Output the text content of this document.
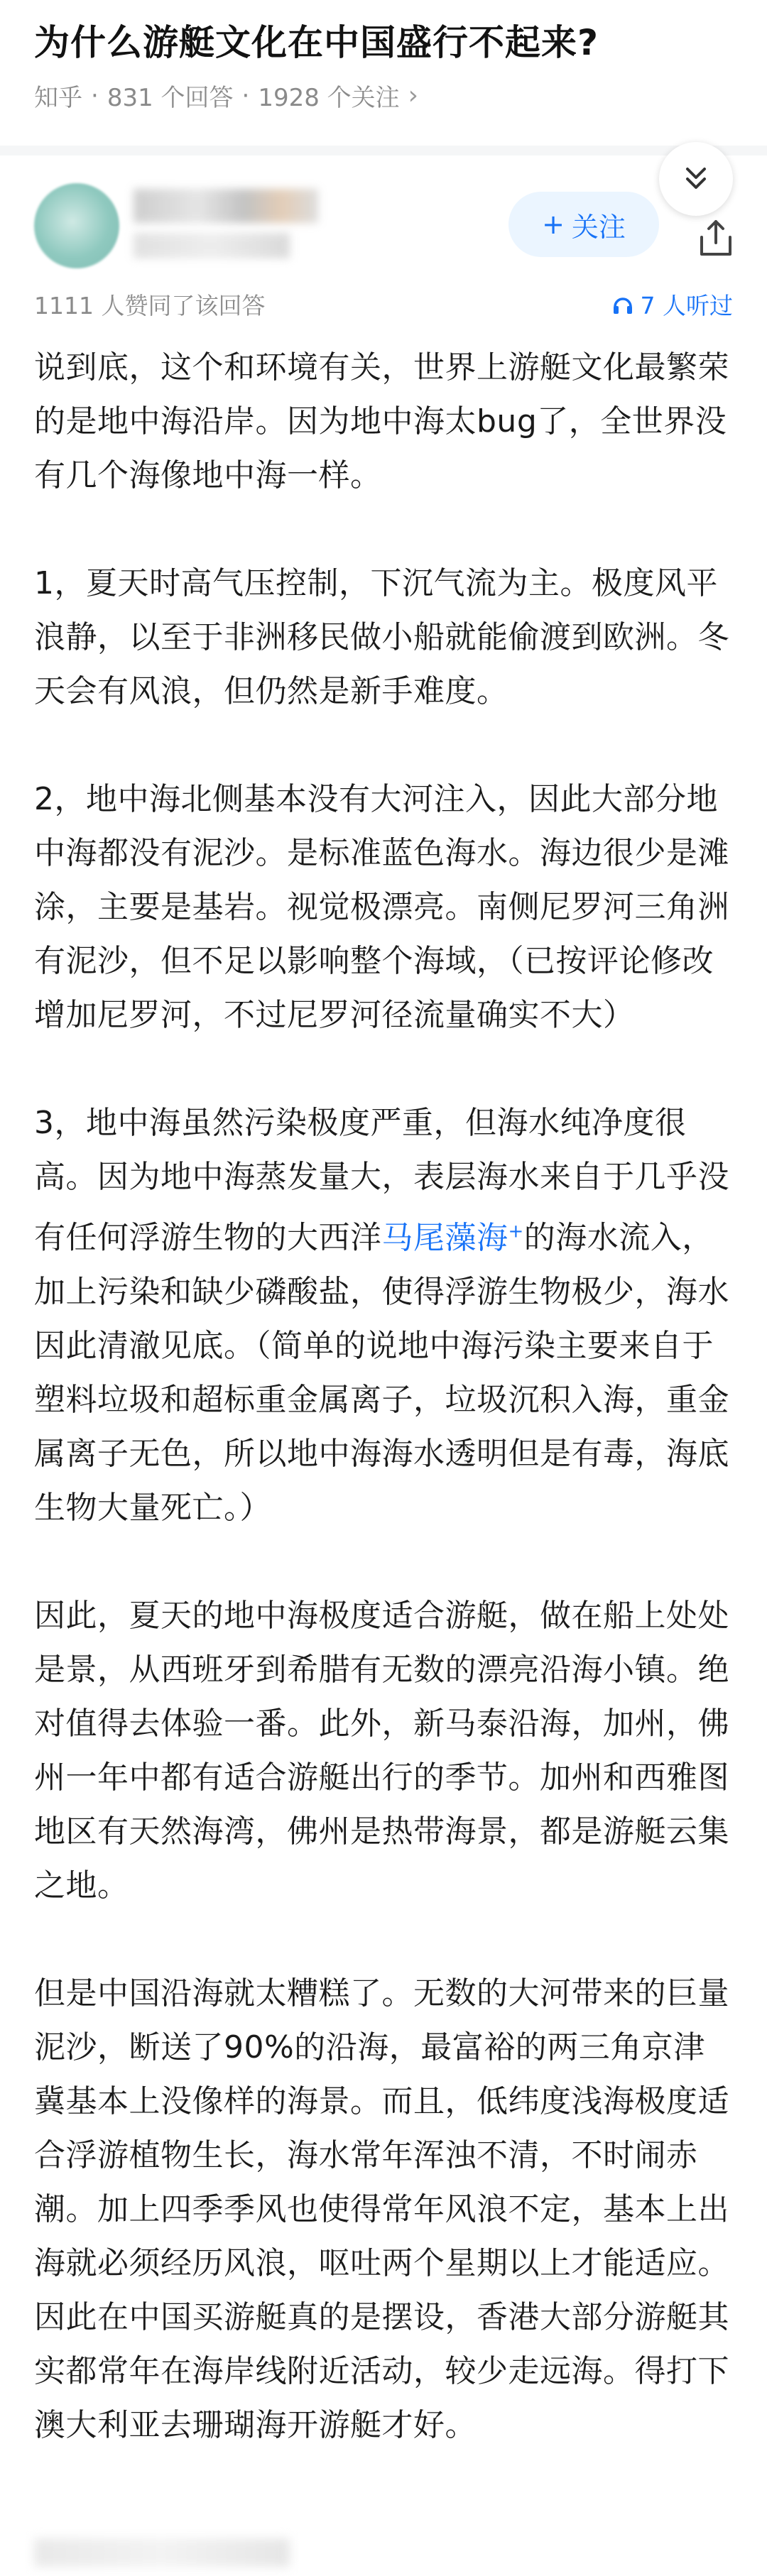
为什么游艇文化在中国盛行不起来?
知乎 · 831 个回答 · 1928 个关注 ›
+ 关注
1111 人赞同了该回答	7 人听过

说到底，这个和环境有关，世界上游艇文化最繁荣的是地中海沿岸。因为地中海太bug了，全世界没有几个海像地中海一样。

1，夏天时高气压控制，下沉气流为主。极度风平浪静，以至于非洲移民做小船就能偷渡到欧洲。冬天会有风浪，但仍然是新手难度。

2，地中海北侧基本没有大河注入，因此大部分地中海都没有泥沙。是标准蓝色海水。海边很少是滩涂，主要是基岩。视觉极漂亮。南侧尼罗河三角洲有泥沙，但不足以影响整个海域，（已按评论修改增加尼罗河，不过尼罗河径流量确实不大）

3，地中海虽然污染极度严重，但海水纯净度很高。因为地中海蒸发量大，表层海水来自于几乎没有任何浮游生物的大西洋马尾藻海+的海水流入，加上污染和缺少磷酸盐，使得浮游生物极少，海水因此清澈见底。（简单的说地中海污染主要来自于塑料垃圾和超标重金属离子，垃圾沉积入海，重金属离子无色，所以地中海海水透明但是有毒，海底生物大量死亡。）

因此，夏天的地中海极度适合游艇，做在船上处处是景，从西班牙到希腊有无数的漂亮沿海小镇。绝对值得去体验一番。此外，新马泰沿海，加州，佛州一年中都有适合游艇出行的季节。加州和西雅图地区有天然海湾，佛州是热带海景，都是游艇云集之地。

但是中国沿海就太糟糕了。无数的大河带来的巨量泥沙，断送了90%的沿海，最富裕的两三角京津冀基本上没像样的海景。而且，低纬度浅海极度适合浮游植物生长，海水常年浑浊不清，不时闹赤潮。加上四季季风也使得常年风浪不定，基本上出海就必须经历风浪，呕吐两个星期以上才能适应。因此在中国买游艇真的是摆设，香港大部分游艇其实都常年在海岸线附近活动，较少走远海。得打下澳大利亚去珊瑚海开游艇才好。
